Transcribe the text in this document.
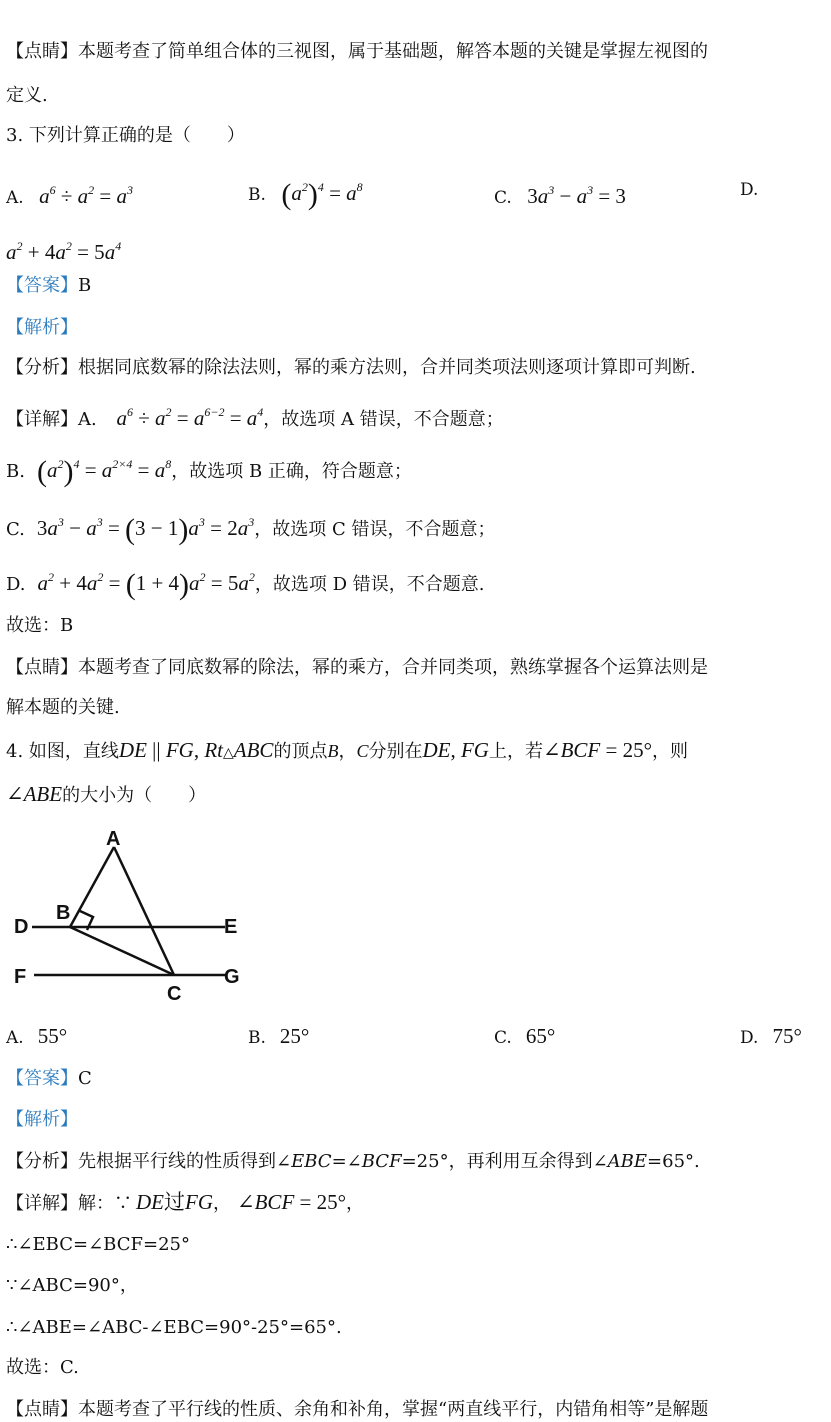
【点睛】本题考查了简单组合体的三视图，属于基础题，解答本题的关键是掌握左视图的
定义.
3. 下列计算正确的是（　　）
A. $a^6 \div a^2 = a^3$	B. $(a^2)^4 = a^8$
C. $3a^3 - a^3 = 3$	D.
$a^2 + 4a^2 = 5a^4$
【答案】B
【解析】
【分析】根据同底数幂的除法法则，幂的乘方法则，合并同类项法则逐项计算即可判断.
【详解】A. $a^6 \div a^2 = a^{6-2} = a^4$，故选项 A 错误，不合题意；
B. $(a^2)^4 = a^{2\times 4} = a^8$，故选项 B 正确，符合题意；
C. $3a^3 - a^3 = (3 - 1)a^3 = 2a^3$，故选项 C 错误，不合题意；
D. $a^2 + 4a^2 = (1 + 4)a^2 = 5a^2$，故选项 D 错误，不合题意.
故选：B
【点睛】本题考查了同底数幂的除法，幂的乘方，合并同类项，熟练掌握各个运算法则是
解本题的关键.
4. 如图，直线DE || FG, Rt△ABC的顶点B，C分别在DE, FG上，若∠BCF = 25°，则
∠ABE的大小为（　　）
A
B
D	E
F
C
G
A. 55°	B. 25°	C. 65°	D. 75°
【答案】C
【解析】
【分析】先根据平行线的性质得到∠EBC=∠BCF=25°，再利用互余得到∠ABE=65°.
【详解】解：∵ DE过FG， ∠BCF = 25°，
∴∠EBC=∠BCF=25°
∵∠ABC=90°，
∴∠ABE=∠ABC-∠EBC=90°-25°=65°.
故选：C.
【点睛】本题考查了平行线的性质、余角和补角，掌握“两直线平行，内错角相等”是解题
